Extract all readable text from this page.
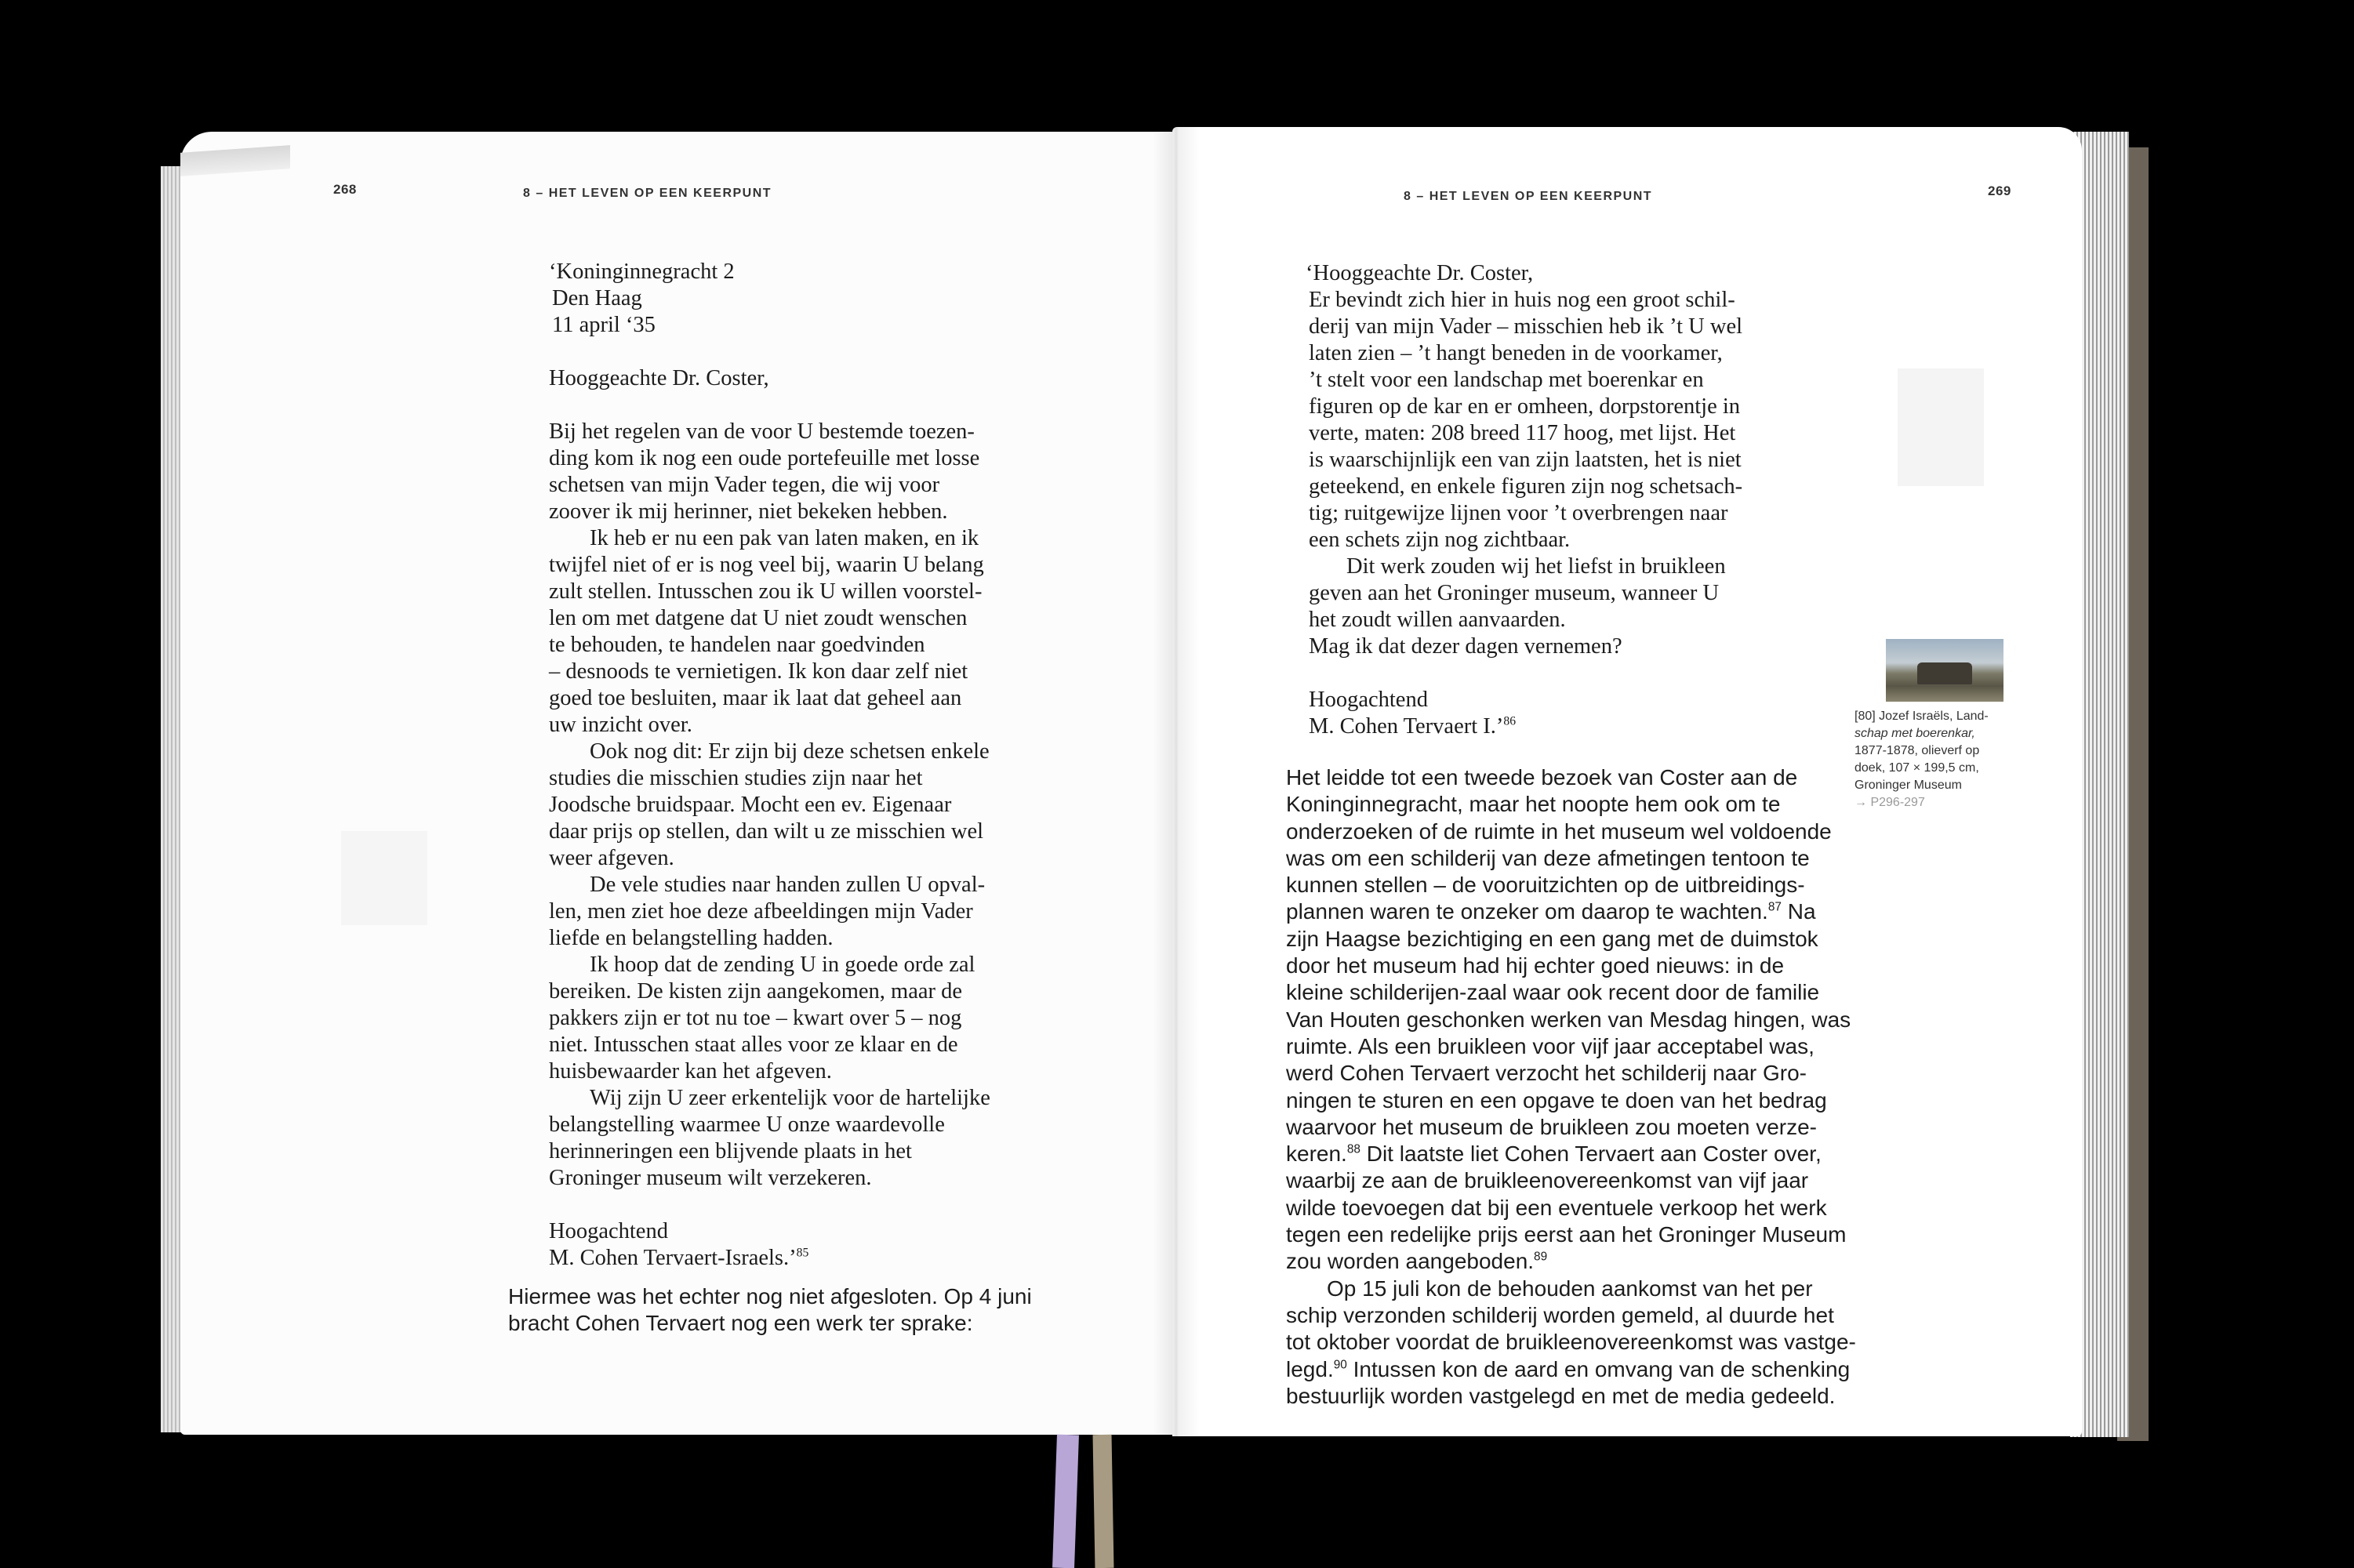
268	8 – HET LEVEN OP EEN KEERPUNT
‘Koninginnegracht 2
Den Haag
11 april ‘35
Hooggeachte Dr. Coster,
Bij het regelen van de voor U bestemde toezen-
ding kom ik nog een oude portefeuille met losse
schetsen van mijn Vader tegen, die wij voor
zoover ik mij herinner, niet bekeken hebben.
Ik heb er nu een pak van laten maken, en ik
twijfel niet of er is nog veel bij, waarin U belang
zult stellen. Intusschen zou ik U willen voorstel-
len om met datgene dat U niet zoudt wenschen
te behouden, te handelen naar goedvinden
– desnoods te vernietigen. Ik kon daar zelf niet
goed toe besluiten, maar ik laat dat geheel aan
uw inzicht over.
Ook nog dit: Er zijn bij deze schetsen enkele
studies die misschien studies zijn naar het
Joodsche bruidspaar. Mocht een ev. Eigenaar
daar prijs op stellen, dan wilt u ze misschien wel
weer afgeven.
De vele studies naar handen zullen U opval-
len, men ziet hoe deze afbeeldingen mijn Vader
liefde en belangstelling hadden.
Ik hoop dat de zending U in goede orde zal
bereiken. De kisten zijn aangekomen, maar de
pakkers zijn er tot nu toe – kwart over 5 – nog
niet. Intusschen staat alles voor ze klaar en de
huisbewaarder kan het afgeven.
Wij zijn U zeer erkentelijk voor de hartelijke
belangstelling waarmee U onze waardevolle
herinneringen een blijvende plaats in het
Groninger museum wilt verzekeren.
Hoogachtend
M. Cohen Tervaert-Israels.’$^{85}$
Hiermee was het echter nog niet afgesloten. Op 4 juni
bracht Cohen Tervaert nog een werk ter sprake:
8 – HET LEVEN OP EEN KEERPUNT	269
‘Hooggeachte Dr. Coster,
Er bevindt zich hier in huis nog een groot schil-
derij van mijn Vader – misschien heb ik ’t U wel
laten zien – ’t hangt beneden in de voorkamer,
’t stelt voor een landschap met boerenkar en
figuren op de kar en er omheen, dorpstorentje in
verte, maten: 208 breed 117 hoog, met lijst. Het
is waarschijnlijk een van zijn laatsten, het is niet
geteekend, en enkele figuren zijn nog schetsach-
tig; ruitgewijze lijnen voor ’t overbrengen naar
een schets zijn nog zichtbaar.
Dit werk zouden wij het liefst in bruikleen
geven aan het Groninger museum, wanneer U
het zoudt willen aanvaarden.
Mag ik dat dezer dagen vernemen?
Hoogachtend
M. Cohen Tervaert I.’$^{86}$
Het leidde tot een tweede bezoek van Coster aan de
Koninginnegracht, maar het noopte hem ook om te
onderzoeken of de ruimte in het museum wel voldoende
was om een schilderij van deze afmetingen tentoon te
kunnen stellen – de vooruitzichten op de uitbreidings-
plannen waren te onzeker om daarop te wachten.$^{87}$ Na
zijn Haagse bezichtiging en een gang met de duimstok
door het museum had hij echter goed nieuws: in de
kleine schilderijen-zaal waar ook recent door de familie
Van Houten geschonken werken van Mesdag hingen, was
ruimte. Als een bruikleen voor vijf jaar acceptabel was,
werd Cohen Tervaert verzocht het schilderij naar Gro-
ningen te sturen en een opgave te doen van het bedrag
waarvoor het museum de bruikleen zou moeten verze-
keren.$^{88}$ Dit laatste liet Cohen Tervaert aan Coster over,
waarbij ze aan de bruikleenovereenkomst van vijf jaar
wilde toevoegen dat bij een eventuele verkoop het werk
tegen een redelijke prijs eerst aan het Groninger Museum
zou worden aangeboden.$^{89}$
Op 15 juli kon de behouden aankomst van het per
schip verzonden schilderij worden gemeld, al duurde het
tot oktober voordat de bruikleenovereenkomst was vastge-
legd.$^{90}$ Intussen kon de aard en omvang van de schenking
bestuurlijk worden vastgelegd en met de media gedeeld.
[80] Jozef Israëls, Land-
schap met boerenkar,
1877-1878, olieverf op
doek, 107 × 199,5 cm,
Groninger Museum
→ P296-297
